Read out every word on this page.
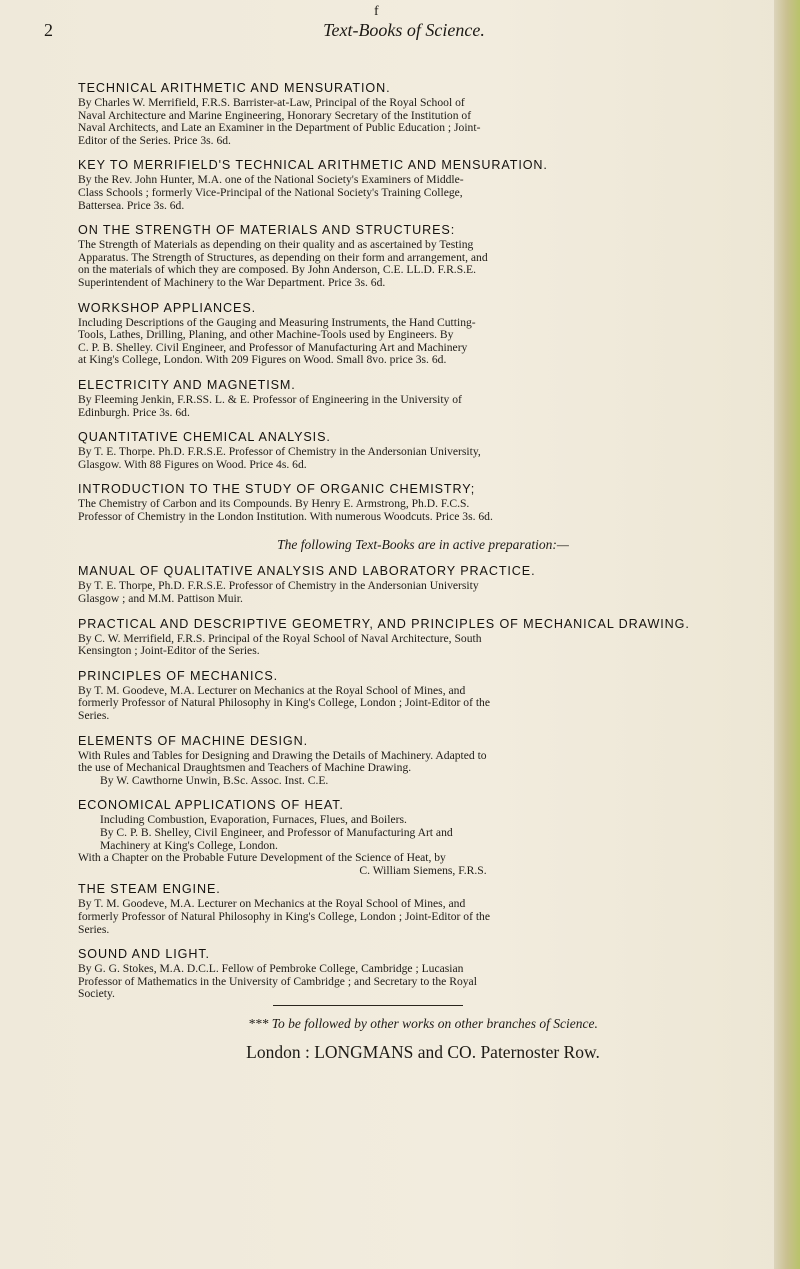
f
2	Text-Books of Science.
TECHNICAL ARITHMETIC AND MENSURATION.
By Charles W. Merrifield, F.R.S. Barrister-at-Law, Principal of the Royal School of
Naval Architecture and Marine Engineering, Honorary Secretary of the Institution of
Naval Architects, and Late an Examiner in the Department of Public Education ; Joint-
Editor of the Series. Price 3s. 6d.
KEY TO MERRIFIELD'S TECHNICAL ARITHMETIC AND MENSURATION.
By the Rev. John Hunter, M.A. one of the National Society's Examiners of Middle-
Class Schools ; formerly Vice-Principal of the National Society's Training College,
Battersea. Price 3s. 6d.
ON THE STRENGTH OF MATERIALS AND STRUCTURES:
The Strength of Materials as depending on their quality and as ascertained by Testing
Apparatus. The Strength of Structures, as depending on their form and arrangement, and
on the materials of which they are composed. By John Anderson, C.E. LL.D. F.R.S.E.
Superintendent of Machinery to the War Department. Price 3s. 6d.
WORKSHOP APPLIANCES.
Including Descriptions of the Gauging and Measuring Instruments, the Hand Cutting-
Tools, Lathes, Drilling, Planing, and other Machine-Tools used by Engineers. By
C. P. B. Shelley. Civil Engineer, and Professor of Manufacturing Art and Machinery
at King's College, London. With 209 Figures on Wood. Small 8vo. price 3s. 6d.
ELECTRICITY AND MAGNETISM.
By Fleeming Jenkin, F.R.SS. L. & E. Professor of Engineering in the University of
Edinburgh. Price 3s. 6d.
QUANTITATIVE CHEMICAL ANALYSIS.
By T. E. Thorpe. Ph.D. F.R.S.E. Professor of Chemistry in the Andersonian University,
Glasgow. With 88 Figures on Wood. Price 4s. 6d.
INTRODUCTION TO THE STUDY OF ORGANIC CHEMISTRY;
The Chemistry of Carbon and its Compounds. By Henry E. Armstrong, Ph.D. F.C.S.
Professor of Chemistry in the London Institution. With numerous Woodcuts. Price 3s. 6d.
The following Text-Books are in active preparation:—
MANUAL OF QUALITATIVE ANALYSIS AND LABORATORY PRACTICE.
By T. E. Thorpe, Ph.D. F.R.S.E. Professor of Chemistry in the Andersonian University
Glasgow ; and M.M. Pattison Muir.
PRACTICAL AND DESCRIPTIVE GEOMETRY, AND PRINCIPLES OF MECHANICAL DRAWING.
By C. W. Merrifield, F.R.S. Principal of the Royal School of Naval Architecture, South
Kensington ; Joint-Editor of the Series.
PRINCIPLES OF MECHANICS.
By T. M. Goodeve, M.A. Lecturer on Mechanics at the Royal School of Mines, and
formerly Professor of Natural Philosophy in King's College, London ; Joint-Editor of the
Series.
ELEMENTS OF MACHINE DESIGN.
With Rules and Tables for Designing and Drawing the Details of Machinery. Adapted to
the use of Mechanical Draughtsmen and Teachers of Machine Drawing.
By W. Cawthorne Unwin, B.Sc. Assoc. Inst. C.E.
ECONOMICAL APPLICATIONS OF HEAT.
Including Combustion, Evaporation, Furnaces, Flues, and Boilers.
By C. P. B. Shelley, Civil Engineer, and Professor of Manufacturing Art and
Machinery at King's College, London.
With a Chapter on the Probable Future Development of the Science of Heat, by
C. William Siemens, F.R.S.
THE STEAM ENGINE.
By T. M. Goodeve, M.A. Lecturer on Mechanics at the Royal School of Mines, and
formerly Professor of Natural Philosophy in King's College, London ; Joint-Editor of the
Series.
SOUND AND LIGHT.
By G. G. Stokes, M.A. D.C.L. Fellow of Pembroke College, Cambridge ; Lucasian
Professor of Mathematics in the University of Cambridge ; and Secretary to the Royal
Society.
*** To be followed by other works on other branches of Science.
London : LONGMANS and CO. Paternoster Row.
